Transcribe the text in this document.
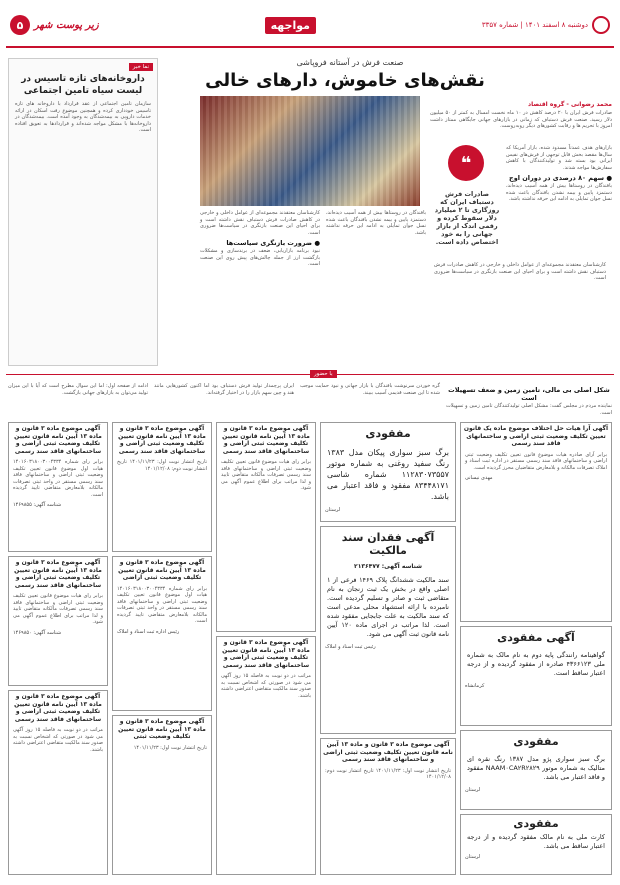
دوشنبه ۸ اسفند ۱۴۰۱ | شماره ۳۳۵۷
مواجهه
زیر پوست شهر
۵
صنعت فرش در آستانه فروپاشی
نقش‌های خاموش، دارهای خالی
محمد رضوانی - گروه اقتصاد
صادرات فرش ایران با ۲۰ درصد کاهش در ۱۰ ماه نخست امسال به کمتر از ۵۰ میلیون دلار رسید. صنعت فرش دستباف که زمانی در بازارهای جهانی جایگاهی ممتاز داشت امروز با تحریم ها و رقابت کشورهای دیگر روبه‌روست.
❝
صادرات فرش دستباف ایران که روزگاری تا ۲ میلیارد دلار سقوط کرده و رقمی اندک از بازار جهانی را به خود اختصاص داده است.
بازارهای هدف عمدتاً مسدود شده، بازار آمریکا که سال‌ها مقصد بخش قابل توجهی از فرش‌های نفیس ایرانی بود بسته شد و تولیدکنندگان با کاهش سفارش‌ها مواجه شدند.
● سهم ۸۰ درصدی در دوران اوج
بافندگان در روستاها بیش از همه آسیب دیده‌اند، دستمزد پایین و بیمه نشدن بافندگان باعث شده نسل جوان تمایلی به ادامه این حرفه نداشته باشد.
کارشناسان معتقدند مجموعه‌ای از عوامل داخلی و خارجی در کاهش صادرات فرش دستباف نقش داشته است و برای احیای این صنعت بازنگری در سیاست‌ها ضروری است.
● ضرورت بازنگری سیاست‌ها
نبود برنامه بازاریابی، ضعف در برندسازی و مشکلات بازگشت ارز از جمله چالش‌های پیش روی این صنعت است.
بافندگان در روستاها بیش از همه آسیب دیده‌اند، دستمزد پایین و بیمه نشدن بافندگان باعث شده نسل جوان تمایلی به ادامه این حرفه نداشته باشد.
کارشناسان معتقدند مجموعه‌ای از عوامل داخلی و خارجی در کاهش صادرات فرش دستباف نقش داشته است و برای احیای این صنعت بازنگری در سیاست‌ها ضروری است.
نما خبر
داروخانه‌های تازه تاسیس در لیست سیاه تامین اجتماعی
سازمان تامین اجتماعی از عقد قرارداد با داروخانه های تازه تاسیس خودداری کرده و همچنین موضوع رفت اسکان در ارائه خدمات دارویی به بیمه‌شدگان به وجود آمده است. بیمه‌شدگان در داروخانه‌ها با مشکل مواجه شده‌اند و قراردادها به تعویق افتاده است.
با حضور
ادامه از صفحه اول: اما این سوال مطرح است که آیا با این میزان تولید می‌توان به بازارهای جهانی بازگشت.
ایران پرچمدار تولید فرش دستباف بود اما اکنون کشورهایی مانند هند و چین سهم بازار را در اختیار گرفته‌اند.
گره خوردن سرنوشت بافندگان با بازار جهانی و نبود حمایت موجب شده تا این صنعت قدیمی آسیب ببیند.	شکل اصلی بی مالی، تامین زمین و ضعف تسهیلات است
نماینده مردم در مجلس گفت: مشکل اصلی تولیدکنندگان تامین زمین و تسهیلات است.
آگهی موضوع ماده ۳ قانون و ماده ۱۳ آیین نامه قانون تعیین تکلیف وضعیت ثبتی اراضی و ساختمانهای فاقد سند رسمی
برابر رای شماره ۱۴۰۱۶۰۳۱۸۰۰۳۰۰۴۳۳۴ هیات اول موضوع قانون تعیین تکلیف وضعیت ثبتی اراضی و ساختمانهای فاقد سند رسمی مستقر در واحد ثبتی تصرفات مالکانه بلامعارض متقاضی تایید گردیده است.
شناسه آگهی: ۱۴۶۹۸۵۵
آگهی موضوع ماده ۳ قانون و ماده ۱۳ آیین نامه قانون تعیین تکلیف وضعیت ثبتی اراضی و ساختمانهای فاقد سند رسمی
برابر رای هیات موضوع قانون تعیین تکلیف وضعیت ثبتی اراضی و ساختمانهای فاقد سند رسمی تصرفات مالکانه متقاضی تایید و لذا مراتب برای اطلاع عموم آگهی می شود.
شناسه آگهی: ۱۴۶۹۸۵۰
آگهی موضوع ماده ۳ قانون و ماده ۱۳ آیین نامه قانون تعیین تکلیف وضعیت ثبتی اراضی و ساختمانهای فاقد سند رسمی
مراتب در دو نوبت به فاصله ۱۵ روز آگهی می شود در صورتی که اشخاص نسبت به صدور سند مالکیت متقاضی اعتراضی داشته باشند.
آگهی موضوع ماده ۳ قانون و ماده ۱۳ آیین نامه قانون تعیین تکلیف وضعیت ثبتی اراضی و ساختمانهای فاقد سند رسمی
تاریخ انتشار نوبت اول: ۱۴۰۱/۱۱/۲۳ تاریخ انتشار نوبت دوم: ۱۴۰۱/۱۲/۰۸
آگهی موضوع ماده ۳ قانون و ماده ۱۳ آیین نامه قانون تعیین تکلیف وضعیت ثبتی اراضی
برابر رای شماره ۱۴۰۱۶۰۳۱۸۰۰۳۰۰۴۳۳۴ هیات اول موضوع قانون تعیین تکلیف وضعیت ثبتی اراضی و ساختمانهای فاقد سند رسمی مستقر در واحد ثبتی تصرفات مالکانه بلامعارض متقاضی تایید گردیده است.
رئیس اداره ثبت اسناد و املاک
آگهی موضوع ماده ۳ قانون و ماده ۱۳ آیین نامه قانون تعیین تکلیف وضعیت ثبتی
تاریخ انتشار نوبت اول: ۱۴۰۱/۱۱/۲۳
آگهی موضوع ماده ۳ قانون و ماده ۱۳ آیین نامه قانون تعیین تکلیف وضعیت ثبتی اراضی و ساختمانهای فاقد سند رسمی
برابر رای هیات موضوع قانون تعیین تکلیف وضعیت ثبتی اراضی و ساختمانهای فاقد سند رسمی تصرفات مالکانه متقاضی تایید و لذا مراتب برای اطلاع عموم آگهی می شود.
آگهی موضوع ماده ۳ قانون و ماده ۱۳ آیین نامه قانون تعیین تکلیف وضعیت ثبتی اراضی و ساختمانهای فاقد سند رسمی
مراتب در دو نوبت به فاصله ۱۵ روز آگهی می شود در صورتی که اشخاص نسبت به صدور سند مالکیت متقاضی اعتراضی داشته باشند.
مفقودی
برگ سبز سواری پیکان مدل ۱۳۸۳ رنگ سفید روغنی به شماره موتور ۱۱۲۸۳۰۷۳۵۵۷ شماره شاسی ۸۳۴۴۸۱۷۱ مفقود و فاقد اعتبار می باشد.
لرستان
آگهی فقدان سند مالکیت
شناسه آگهی: ۲۱۳۶۴۷۷
سند مالکیت ششدانگ پلاک ۱۴۶۹ فرعی از ۱ اصلی واقع در بخش یک ثبت زنجان به نام متقاضی ثبت و صادر و تسلیم گردیده است. نامبرده با ارائه استشهاد محلی مدعی است که سند مالکیت به علت جابجایی مفقود شده است. لذا مراتب در اجرای ماده ۱۲۰ آیین نامه قانون ثبت آگهی می شود.
رئیس ثبت اسناد و املاک
آگهی موضوع ماده ۳ قانون و ماده ۱۳ آیین نامه قانون تعیین تکلیف وضعیت ثبتی اراضی و ساختمانهای فاقد سند رسمی
تاریخ انتشار نوبت اول: ۱۴۰۱/۱۱/۲۳ تاریخ انتشار نوبت دوم: ۱۴۰۱/۱۲/۰۸
آگهی آرا هیات حل اختلاف موضوع ماده یک قانون تعیین تکلیف وضعیت ثبتی اراضی و ساختمانهای فاقد سند رسمی
برابر آرای صادره هیات موضوع قانون تعیین تکلیف وضعیت ثبتی اراضی و ساختمانهای فاقد سند رسمی مستقر در اداره ثبت اسناد و املاک تصرفات مالکانه و بلامعارض متقاضیان محرز گردیده است.
مهدی نیسانی
آگهی مفقودی
گواهینامه رانندگی پایه دوم به نام مالک به شماره ملی ۴۳۶۶۱۲۳ صادره از مفقود گردیده و از درجه اعتبار ساقط است.
کرمانشاه
مفقودی
برگ سبز سواری پژو مدل ۱۳۸۷ رنگ نقره ای متالیک به شماره موتور NAAM۰CA۲R۲۸۲۹ مفقود و فاقد اعتبار می باشد.
لرستان
مفقودی
کارت ملی به نام مالک مفقود گردیده و از درجه اعتبار ساقط می باشد.
لرستان
